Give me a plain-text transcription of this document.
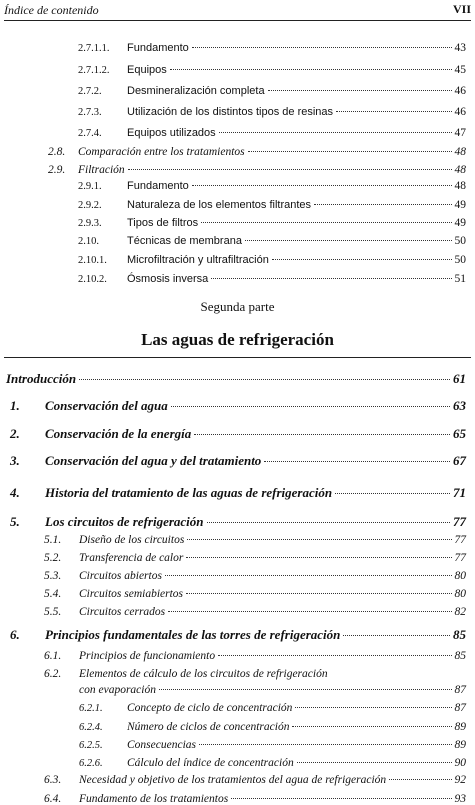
Índice de contenido	VII
2.7.1.1.	Fundamento	43
2.7.1.2.	Equipos	45
2.7.2.	Desmineralización completa	46
2.7.3.	Utilización de los distintos tipos de resinas	46
2.7.4.	Equipos utilizados	47
2.8.	Comparación entre los tratamientos	48
2.9.	Filtración	48
2.9.1.	Fundamento	48
2.9.2.	Naturaleza de los elementos filtrantes	49
2.9.3.	Tipos de filtros	49
2.10.	Técnicas de membrana	50
2.10.1.	Microfiltración y ultrafiltración	50
2.10.2.	Ósmosis inversa	51
Introducción	61
1.	Conservación del agua	63
2.	Conservación de la energía	65
3.	Conservación del agua y del tratamiento	67
4.	Historia del tratamiento de las aguas de refrigeración	71
5.	Los circuitos de refrigeración	77
5.1.	Diseño de los circuitos	77
5.2.	Transferencia de calor	77
5.3.	Circuitos abiertos	80
5.4.	Circuitos semiabiertos	80
5.5.	Circuitos cerrados	82
6.	Principios fundamentales de las torres de refrigeración	85
6.1.	Principios de funcionamiento	85
6.2.	Elementos de cálculo de los circuitos de refrigeración
con evaporación	87
6.2.1.	Concepto de ciclo de concentración	87
6.2.4.	Número de ciclos de concentración	89
6.2.5.	Consecuencias	89
6.2.6.	Cálculo del índice de concentración	90
6.3.	Necesidad y objetivo de los tratamientos del agua de refrigeración	92
6.4.	Fundamento de los tratamientos	93
Segunda parte
Las aguas de refrigeración
